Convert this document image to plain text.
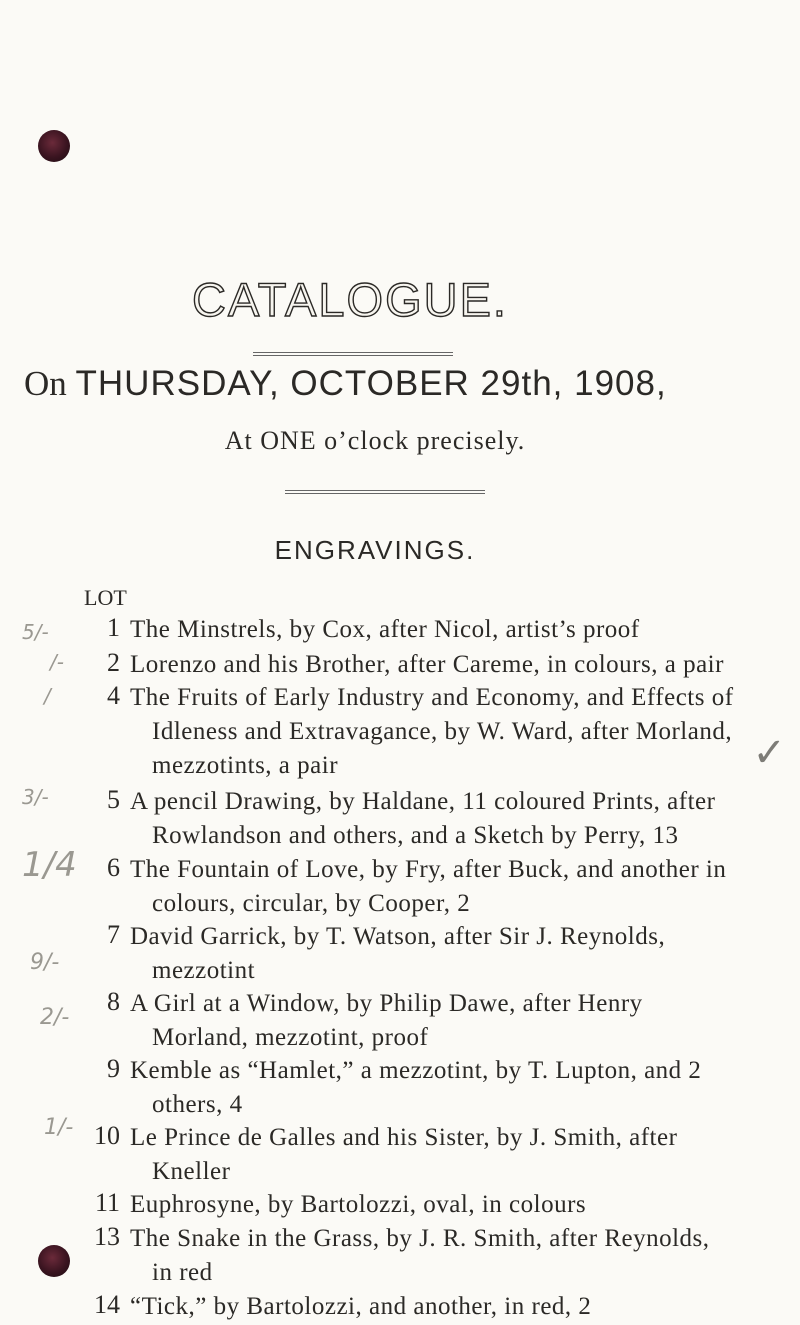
CATALOGUE.
On THURSDAY, OCTOBER 29th, 1908,
At ONE o’clock precisely.
ENGRAVINGS.
LOT
1 The Minstrels, by Cox, after Nicol, artist’s proof
2 Lorenzo and his Brother, after Careme, in colours, a pair
4 The Fruits of Early Industry and Economy, and Effects of

Idleness and Extravagance, by W. Ward, after Morland,
mezzotints, a pair
5 A pencil Drawing, by Haldane, 11 coloured Prints, after

Rowlandson and others, and a Sketch by Perry, 13
6 The Fountain of Love, by Fry, after Buck, and another in

colours, circular, by Cooper, 2
7 David Garrick, by T. Watson, after Sir J. Reynolds,

mezzotint
8 A Girl at a Window, by Philip Dawe, after Henry

Morland, mezzotint, proof
9 Kemble as “Hamlet,” a mezzotint, by T. Lupton, and 2

others, 4
10 Le Prince de Galles and his Sister, by J. Smith, after

Kneller
11 Euphrosyne, by Bartolozzi, oval, in colours
13 The Snake in the Grass, by J. R. Smith, after Reynolds,

in red
14 “Tick,” by Bartolozzi, and another, in red, 2
5/-
/-
/
3/-
1/4
9/-
2/-
1/-
✓
